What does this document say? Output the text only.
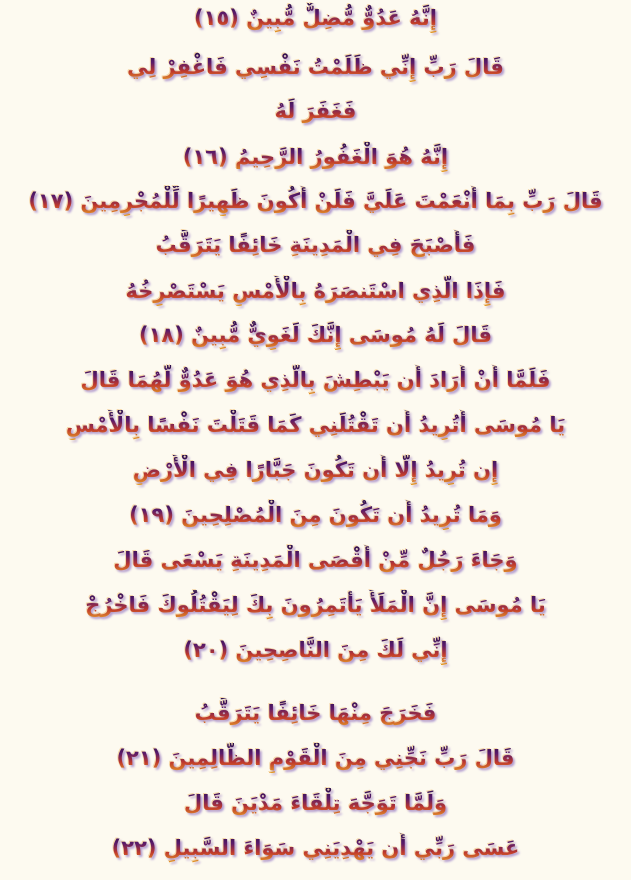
إِنَّهُ عَدُوٌّ مُّضِلٌّ مُّبِينٌ (١٥)
قَالَ رَبِّ إِنِّي ظَلَمْتُ نَفْسِي فَاغْفِرْ لِي
فَغَفَرَ لَهُ
إِنَّهُ هُوَ الْغَفُورُ الرَّحِيمُ (١٦)
قَالَ رَبِّ بِمَا أَنْعَمْتَ عَلَيَّ فَلَنْ أَكُونَ ظَهِيرًا لِّلْمُجْرِمِينَ (١٧)
فَأَصْبَحَ فِي الْمَدِينَةِ خَائِفًا يَتَرَقَّبُ
فَإِذَا الَّذِي اسْتَنصَرَهُ بِالْأَمْسِ يَسْتَصْرِخُهُ
قَالَ لَهُ مُوسَى إِنَّكَ لَغَوِيٌّ مُّبِينٌ (١٨)
فَلَمَّا أَنْ أَرَادَ أَن يَبْطِشَ بِالَّذِي هُوَ عَدُوٌّ لَّهُمَا قَالَ
يَا مُوسَى أَتُرِيدُ أَن تَقْتُلَنِي كَمَا قَتَلْتَ نَفْسًا بِالْأَمْسِ
إِن تُرِيدُ إِلَّا أَن تَكُونَ جَبَّارًا فِي الْأَرْضِ
وَمَا تُرِيدُ أَن تَكُونَ مِنَ الْمُصْلِحِينَ (١٩)
وَجَاءَ رَجُلٌ مِّنْ أَقْصَى الْمَدِينَةِ يَسْعَى قَالَ
يَا مُوسَى إِنَّ الْمَلَأَ يَأْتَمِرُونَ بِكَ لِيَقْتُلُوكَ فَاخْرُجْ
إِنِّي لَكَ مِنَ النَّاصِحِينَ (٢٠)
فَخَرَجَ مِنْهَا خَائِفًا يَتَرَقَّبُ
قَالَ رَبِّ نَجِّنِي مِنَ الْقَوْمِ الظَّالِمِينَ (٢١)
وَلَمَّا تَوَجَّهَ تِلْقَاءَ مَدْيَنَ قَالَ
عَسَى رَبِّي أَن يَهْدِيَنِي سَوَاءَ السَّبِيلِ (٢٢)
